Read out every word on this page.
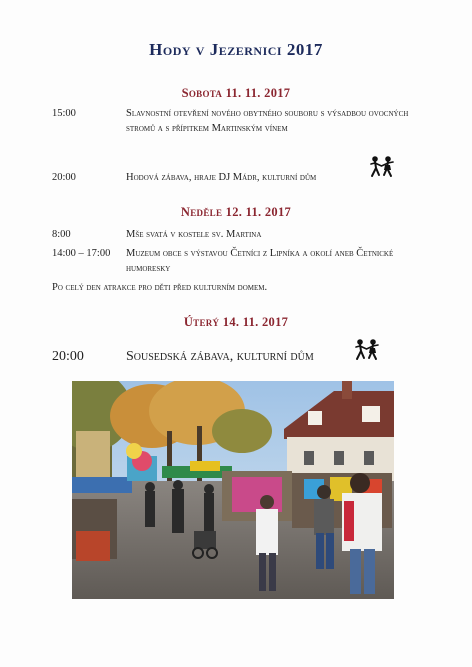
Hody v Jezernici 2017
Sobota 11. 11. 2017
15:00	Slavnostní otevření nového obytného souboru s výsadbou ovocných stromů a s přípitkem Martinským vínem
20:00	Hodová zábava, hraje DJ Mádr, kulturní dům
Neděle 12. 11. 2017
8:00	Mše svatá v kostele sv. Martina
14:00 – 17:00 Muzeum obce s výstavou Četníci z Lipníka a okolí aneb Četnické humoresky
Po celý den atrakce pro děti před kulturním domem.
Úterý 14. 11. 2017
20:00	Sousedská zábava, kulturní dům
